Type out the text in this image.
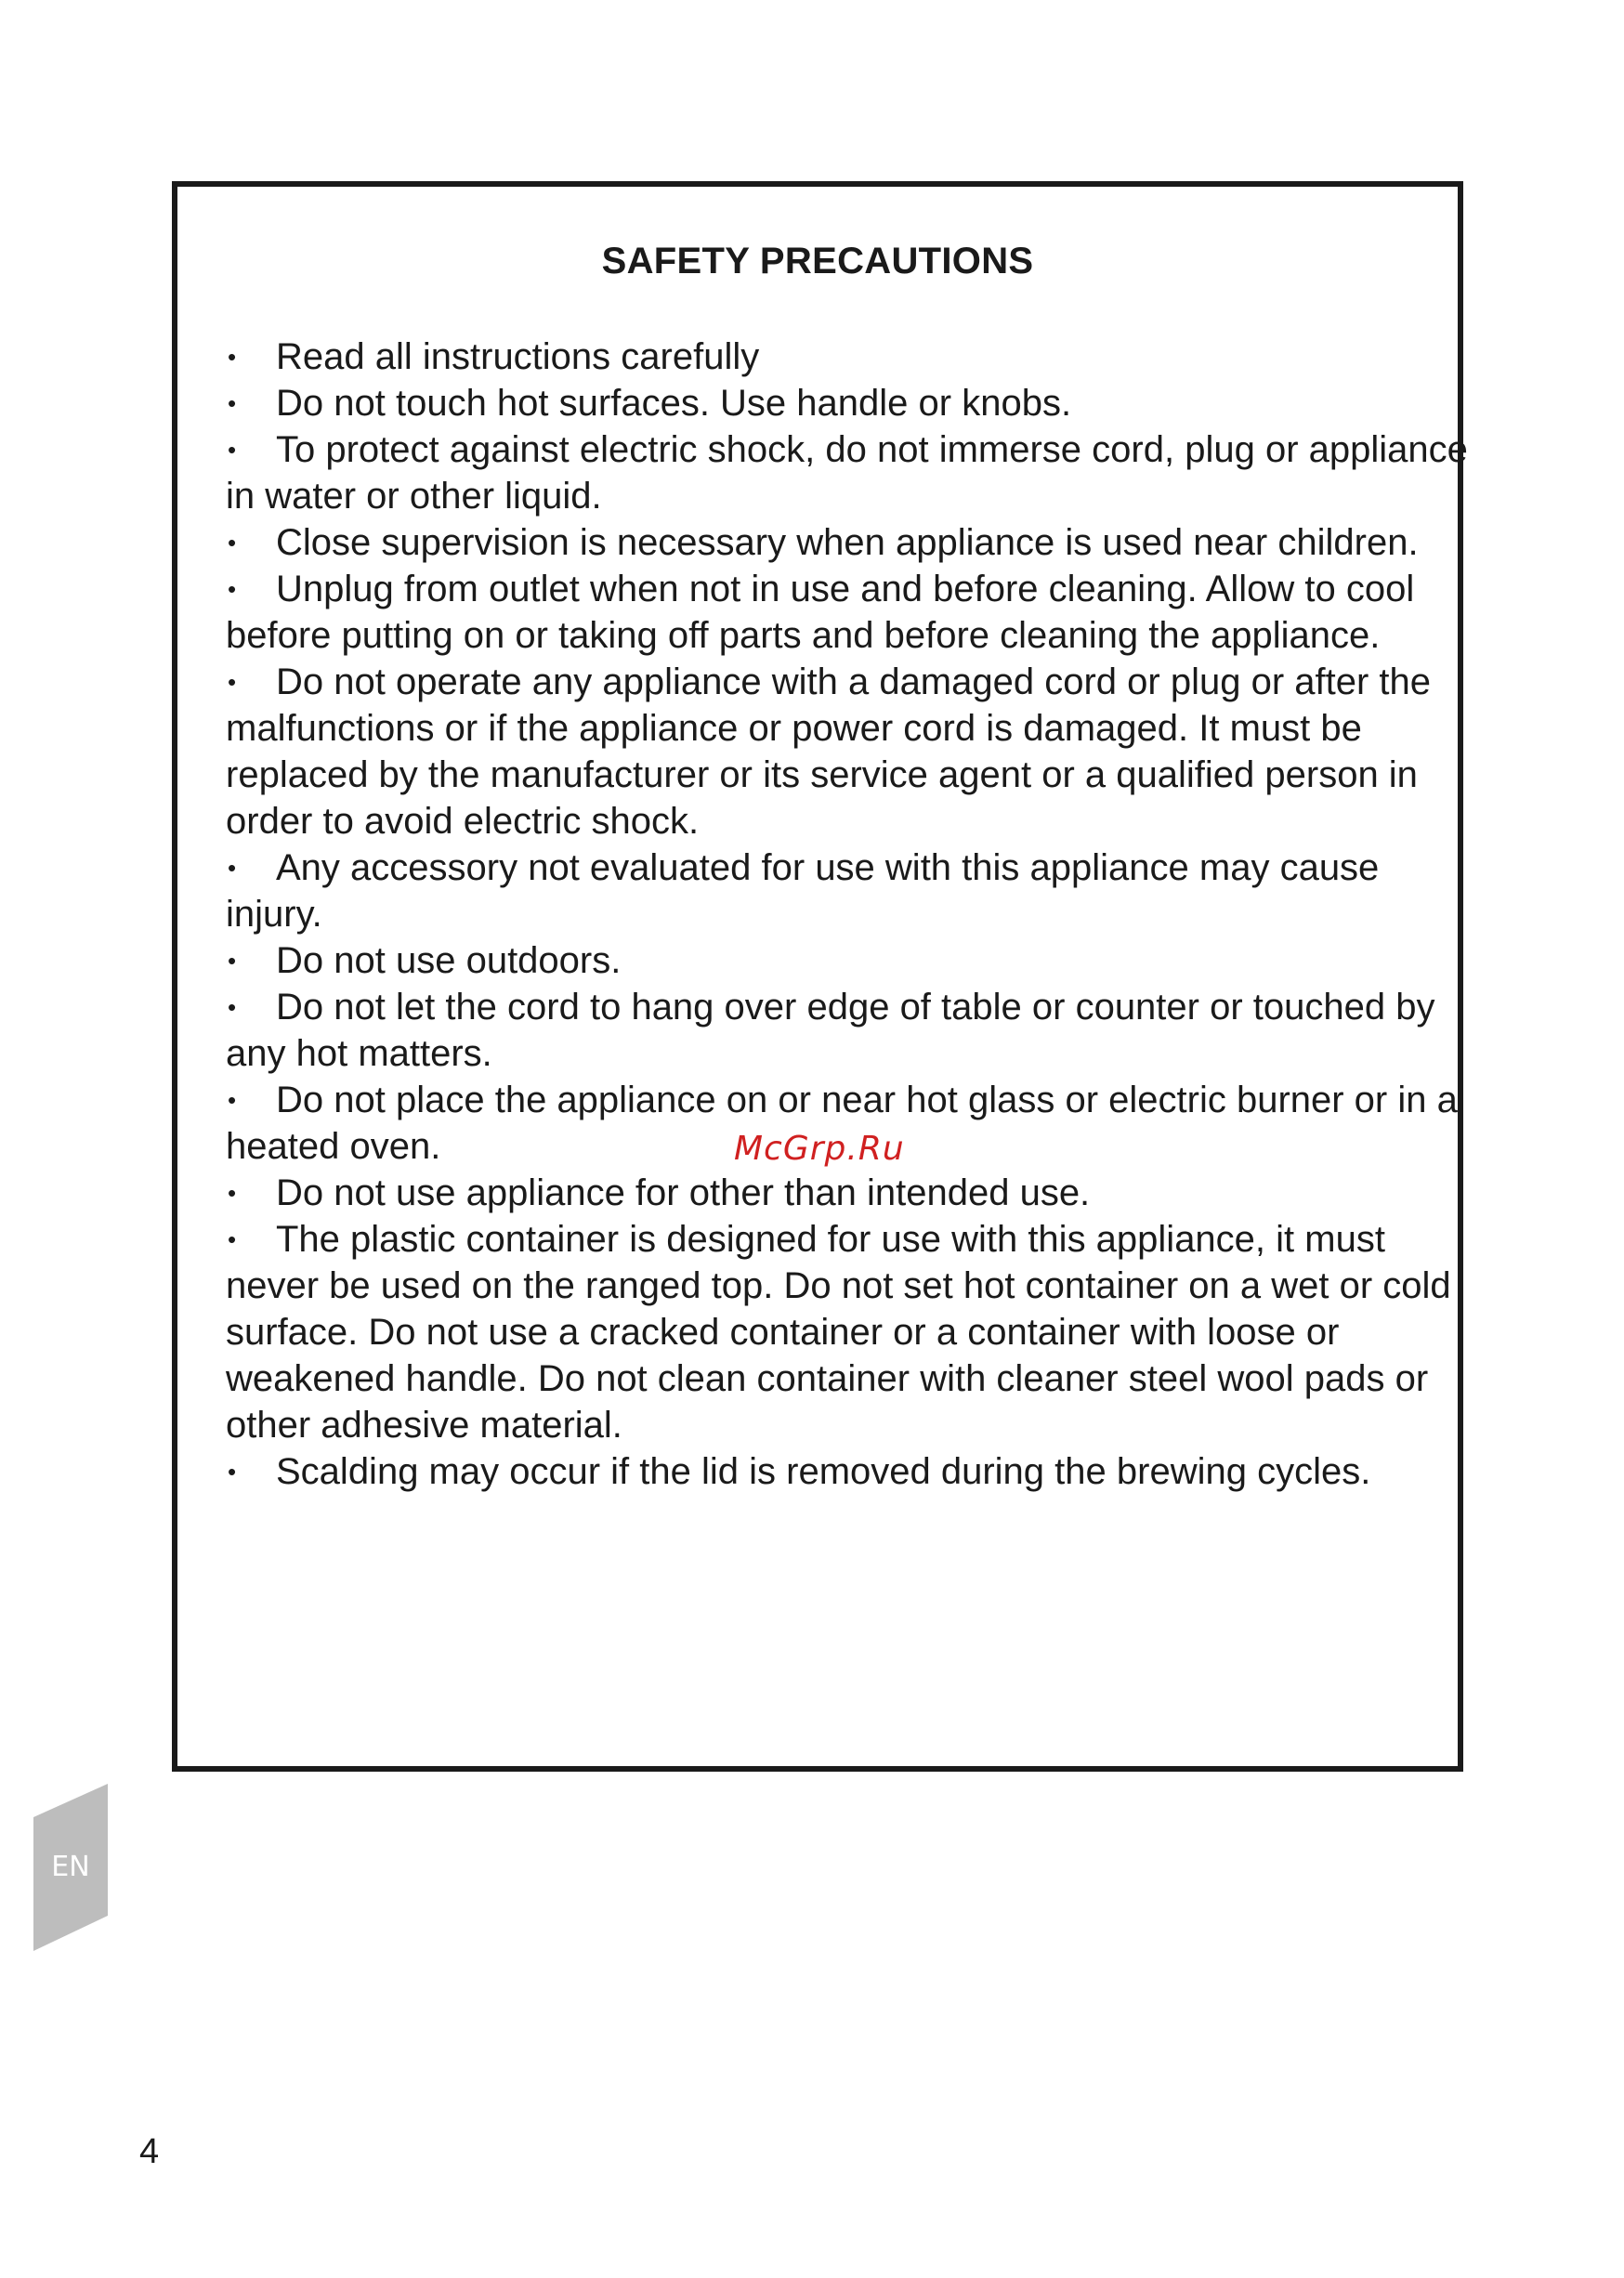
SAFETY PRECAUTIONS
• Read all instructions carefully
• Do not touch hot surfaces. Use handle or knobs.
• To protect against electric shock, do not immerse cord, plug or appliance in water or other liquid.
• Close supervision is necessary when appliance is used near children.
• Unplug from outlet when not in use and before cleaning. Allow to cool before putting on or taking off parts and before cleaning the appliance.
• Do not operate any appliance with a damaged cord or plug or after the malfunctions or if the appliance or power cord is damaged. It must be replaced by the manufacturer or its service agent or a qualified person in order to avoid electric shock.
• Any accessory not evaluated for use with this appliance may cause injury.
• Do not use outdoors.
• Do not let the cord to hang over edge of table or counter or touched by any hot matters.
• Do not place the appliance on or near hot glass or electric burner or in a heated oven.
• Do not use appliance for other than intended use.
• The plastic container is designed for use with this appliance, it must never be used on the ranged top. Do not set hot container on a wet or cold surface. Do not use a cracked container or a container with loose or weakened handle. Do not clean container with cleaner steel wool pads or other adhesive material.
• Scalding may occur if the lid is removed during the brewing cycles.
McGrp.Ru
EN
4
